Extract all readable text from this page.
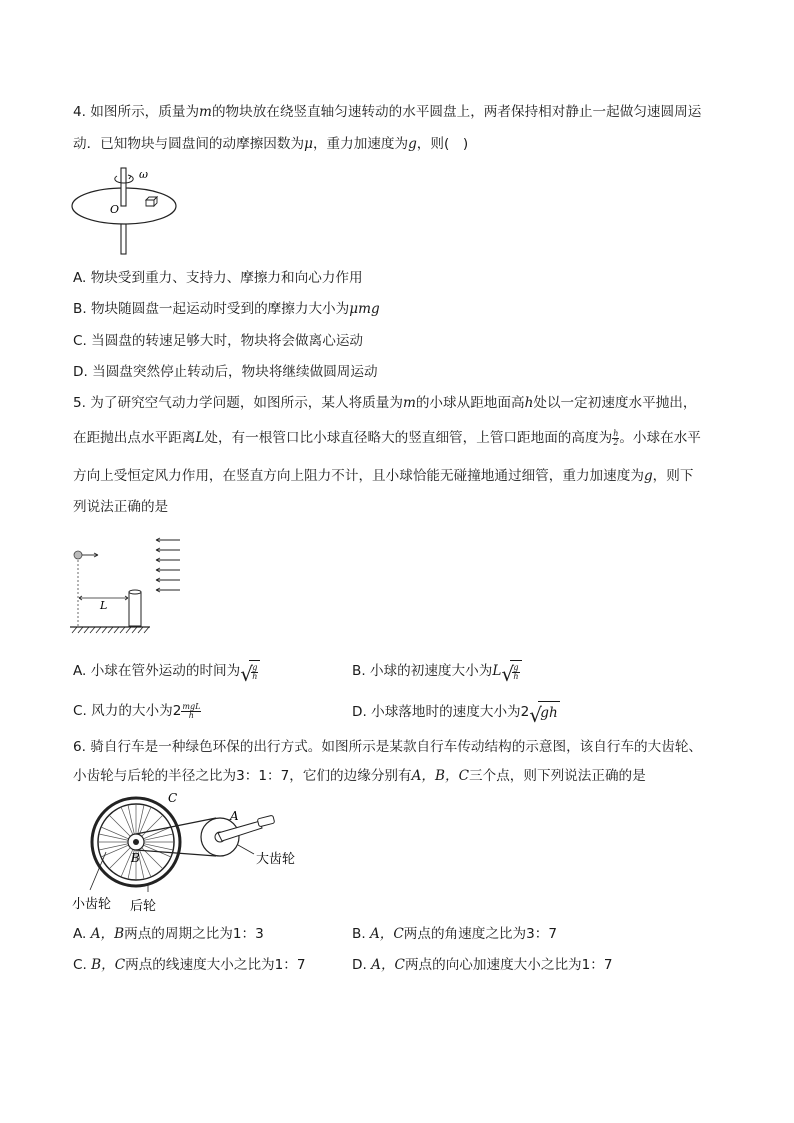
4. 如图所示，质量为m的物块放在绕竖直轴匀速转动的水平圆盘上，两者保持相对静止一起做匀速圆周运
动．已知物块与圆盘间的动摩擦因数为μ，重力加速度为g，则(　)
ω
O
A. 物块受到重力、支持力、摩擦力和向心力作用
B. 物块随圆盘一起运动时受到的摩擦力大小为μmg
C. 当圆盘的转速足够大时，物块将会做离心运动
D. 当圆盘突然停止转动后，物块将继续做圆周运动
5. 为了研究空气动力学问题，如图所示，某人将质量为m的小球从距地面高h处以一定初速度水平抛出，
在距抛出点水平距离L处，有一根管口比小球直径略大的竖直细管，上管口距地面的高度为 $\frac{h}{2}$ 。小球在水平
方向上受恒定风力作用，在竖直方向上阻力不计，且小球恰能无碰撞地通过细管，重力加速度为g，则下
列说法正确的是
L
A. 小球在管外运动的时间为 √
$\frac{g}{h}$	B. 小球的初速度大小为L √
$\frac{g}{h}$
C. 风力的大小为$2 \frac{\text{mgL}}{h}$	D. 小球落地时的速度大小为2 √
gh
6. 骑自行车是一种绿色环保的出行方式。如图所示是某款自行车传动结构的示意图，该自行车的大齿轮、
小齿轮与后轮的半径之比为3：1：7，它们的边缘分别有A，B，C三个点，则下列说法正确的是
C
A
B	大齿轮
小齿轮 后轮
A. A，B两点的周期之比为1：3	B. A，C两点的角速度之比为3：7
C. B，C两点的线速度大小之比为1：7	D. A，C两点的向心加速度大小之比为1：7
